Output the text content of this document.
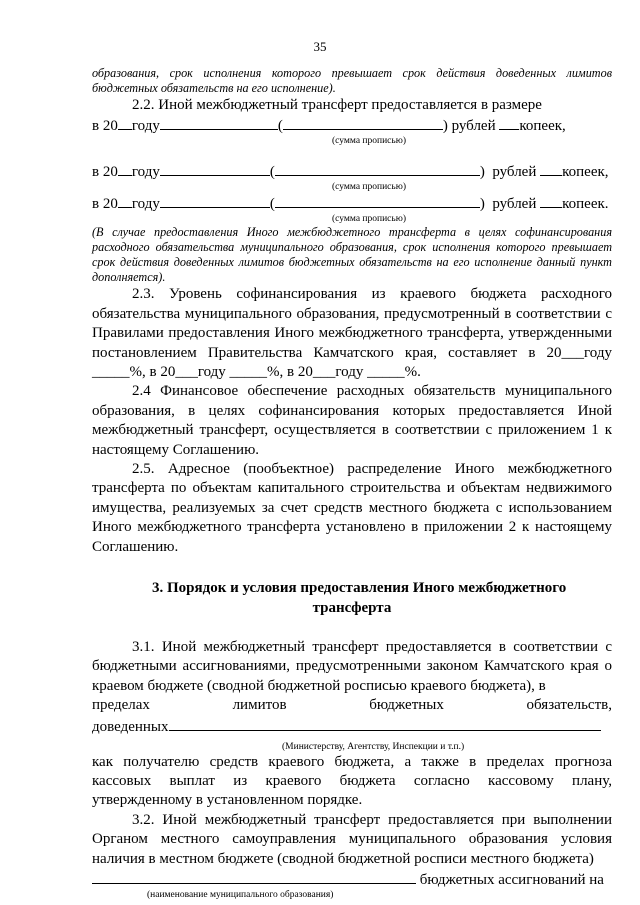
35

образования, срок исполнения которого превышает срок действия доведенных лимитов бюджетных обязательств на его исполнение).

2.2. Иной межбюджетный трансферт предоставляется в размере

в 20 году	(	) рублей копеек,

(сумма прописью)

в 20 году	(	) рублей копеек,

(сумма прописью)

в 20 году	(	) рублей копеек.

(сумма прописью)

(В случае предоставления Иного межбюджетного трансферта в целях софинансирования расходного обязательства муниципального образования, срок исполнения которого превышает срок действия доведенных лимитов бюджетных обязательств на его исполнение данный пункт дополняется).

2.3. Уровень софинансирования из краевого бюджета расходного обязательства муниципального образования, предусмотренный в соответствии с Правилами предоставления Иного межбюджетного трансферта, утвержденными постановлением Правительства Камчатского края, составляет в 20___году _____%, в 20___году _____%, в 20___году _____%.

2.4 Финансовое обеспечение расходных обязательств муниципального образования, в целях софинансирования которых предоставляется Иной межбюджетный трансферт, осуществляется в соответствии с приложением 1 к настоящему Соглашению.

2.5. Адресное (пообъектное) распределение Иного межбюджетного трансферта по объектам капитального строительства и объектам недвижимого имущества, реализуемых за счет средств местного бюджета с использованием Иного межбюджетного трансферта установлено в приложении 2 к настоящему Соглашению.

3. Порядок и условия предоставления Иного межбюджетного

трансферта

3.1. Иной межбюджетный трансферт предоставляется в соответствии с бюджетными ассигнованиями, предусмотренными законом Камчатского края о краевом бюджете (сводной бюджетной росписью краевого бюджета), в

пределах	лимитов	бюджетных	обязательств,
доведенных

(Министерству, Агентству, Инспекции и т.п.)

как получателю средств краевого бюджета, а также в пределах прогноза кассовых выплат из краевого бюджета согласно кассовому плану, утвержденному в установленном порядке.

3.2. Иной межбюджетный трансферт предоставляется при выполнении Органом местного самоуправления муниципального образования условия наличия в местном бюджете (сводной бюджетной росписи местного бюджета)

бюджетных ассигнований на

(наименование муниципального образования)
